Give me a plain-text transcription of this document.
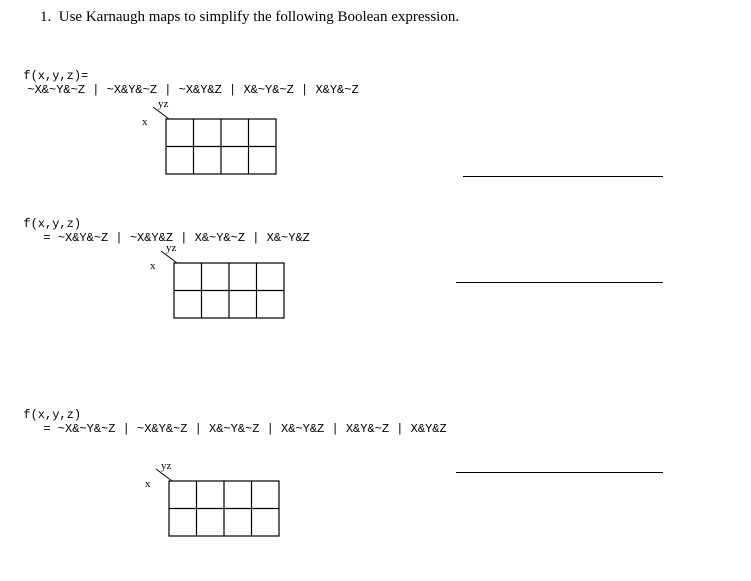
1.  Use Karnaugh maps to simplify the following Boolean expression.

f(x,y,z)=
~X&~Y&~Z | ~X&Y&~Z | ~X&Y&Z | X&~Y&~Z | X&Y&~Z

yz
x

f(x,y,z)
= ~X&Y&~Z | ~X&Y&Z | X&~Y&~Z | X&~Y&Z

yz
x

f(x,y,z)
= ~X&~Y&~Z | ~X&Y&~Z | X&~Y&~Z | X&~Y&Z | X&Y&~Z | X&Y&Z

yz
x
